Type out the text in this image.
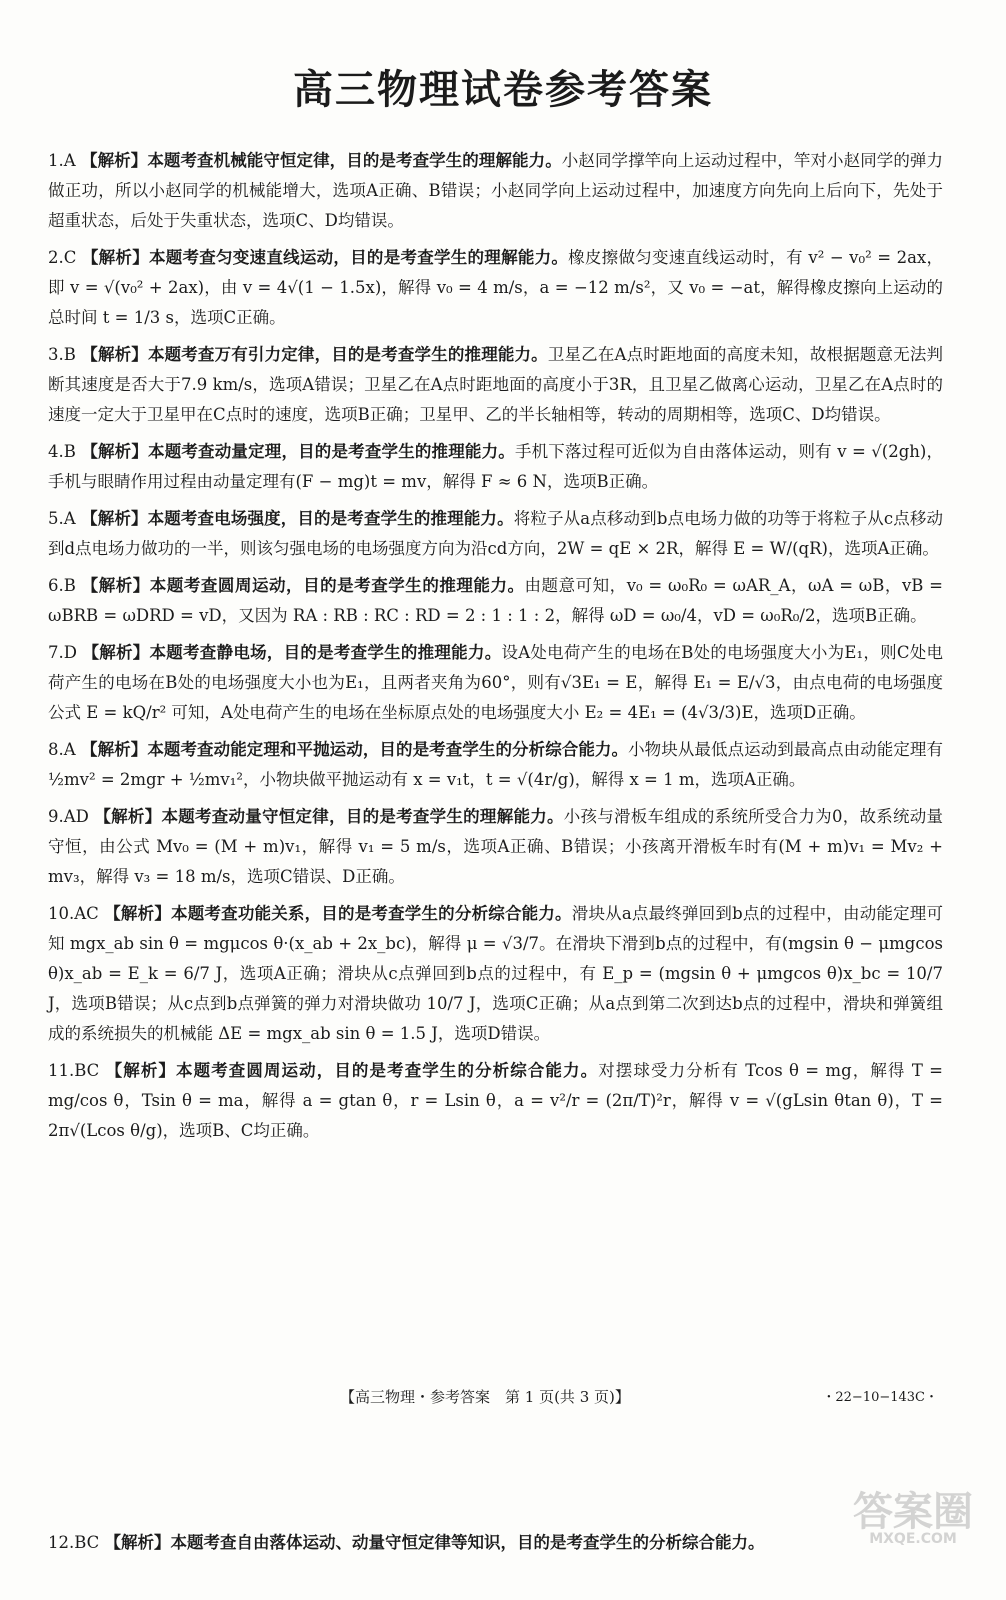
高三物理试卷参考答案
1.A 【解析】本题考查机械能守恒定律，目的是考查学生的理解能力。小赵同学撑竿向上运动过程中，竿对小赵同学的弹力做正功，所以小赵同学的机械能增大，选项A正确、B错误；小赵同学向上运动过程中，加速度方向先向上后向下，先处于超重状态，后处于失重状态，选项C、D均错误。
2.C 【解析】本题考查匀变速直线运动，目的是考查学生的理解能力。橡皮擦做匀变速直线运动时，有 v² − v₀² = 2ax，即 v = √(v₀² + 2ax)，由 v = 4√(1 − 1.5x)，解得 v₀ = 4 m/s，a = −12 m/s²，又 v₀ = −at，解得橡皮擦向上运动的总时间 t = 1/3 s，选项C正确。
3.B 【解析】本题考查万有引力定律，目的是考查学生的推理能力。卫星乙在A点时距地面的高度未知，故根据题意无法判断其速度是否大于7.9 km/s，选项A错误；卫星乙在A点时距地面的高度小于3R，且卫星乙做离心运动，卫星乙在A点时的速度一定大于卫星甲在C点时的速度，选项B正确；卫星甲、乙的半长轴相等，转动的周期相等，选项C、D均错误。
4.B 【解析】本题考查动量定理，目的是考查学生的推理能力。手机下落过程可近似为自由落体运动，则有 v = √(2gh)，手机与眼睛作用过程由动量定理有(F − mg)t = mv，解得 F ≈ 6 N，选项B正确。
5.A 【解析】本题考查电场强度，目的是考查学生的推理能力。将粒子从a点移动到b点电场力做的功等于将粒子从c点移动到d点电场力做功的一半，则该匀强电场的电场强度方向为沿cd方向，2W = qE × 2R，解得 E = W/(qR)，选项A正确。
6.B 【解析】本题考查圆周运动，目的是考查学生的推理能力。由题意可知，v₀ = ω₀R₀ = ωAR_A，ωA = ωB，vB = ωBRB = ωDRD = vD，又因为 RA : RB : RC : RD = 2 : 1 : 1 : 2，解得 ωD = ω₀/4，vD = ω₀R₀/2，选项B正确。
7.D 【解析】本题考查静电场，目的是考查学生的推理能力。设A处电荷产生的电场在B处的电场强度大小为E₁，则C处电荷产生的电场在B处的电场强度大小也为E₁，且两者夹角为60°，则有√3E₁ = E，解得 E₁ = E/√3，由点电荷的电场强度公式 E = kQ/r² 可知，A处电荷产生的电场在坐标原点处的电场强度大小 E₂ = 4E₁ = (4√3/3)E，选项D正确。
8.A 【解析】本题考查动能定理和平抛运动，目的是考查学生的分析综合能力。小物块从最低点运动到最高点由动能定理有 ½mv² = 2mgr + ½mv₁²，小物块做平抛运动有 x = v₁t，t = √(4r/g)，解得 x = 1 m，选项A正确。
9.AD 【解析】本题考查动量守恒定律，目的是考查学生的理解能力。小孩与滑板车组成的系统所受合力为0，故系统动量守恒，由公式 Mv₀ = (M + m)v₁，解得 v₁ = 5 m/s，选项A正确、B错误；小孩离开滑板车时有(M + m)v₁ = Mv₂ + mv₃，解得 v₃ = 18 m/s，选项C错误、D正确。
10.AC 【解析】本题考查功能关系，目的是考查学生的分析综合能力。滑块从a点最终弹回到b点的过程中，由动能定理可知 mgx_ab sin θ = mgμcos θ·(x_ab + 2x_bc)，解得 μ = √3/7。在滑块下滑到b点的过程中，有(mgsin θ − μmgcos θ)x_ab = E_k = 6/7 J，选项A正确；滑块从c点弹回到b点的过程中，有 E_p = (mgsin θ + μmgcos θ)x_bc = 10/7 J，选项B错误；从c点到b点弹簧的弹力对滑块做功 10/7 J，选项C正确；从a点到第二次到达b点的过程中，滑块和弹簧组成的系统损失的机械能 ΔE = mgx_ab sin θ = 1.5 J，选项D错误。
11.BC 【解析】本题考查圆周运动，目的是考查学生的分析综合能力。对摆球受力分析有 Tcos θ = mg，解得 T = mg/cos θ，Tsin θ = ma，解得 a = gtan θ，r = Lsin θ，a = v²/r = (2π/T)²r，解得 v = √(gLsin θtan θ)，T = 2π√(Lcos θ/g)，选项B、C均正确。
【高三物理・参考答案　第 1 页(共 3 页)】	・22−10−143C・
12.BC 【解析】本题考查自由落体运动、动量守恒定律等知识，目的是考查学生的分析综合能力。
答案圈
MXQE.COM
